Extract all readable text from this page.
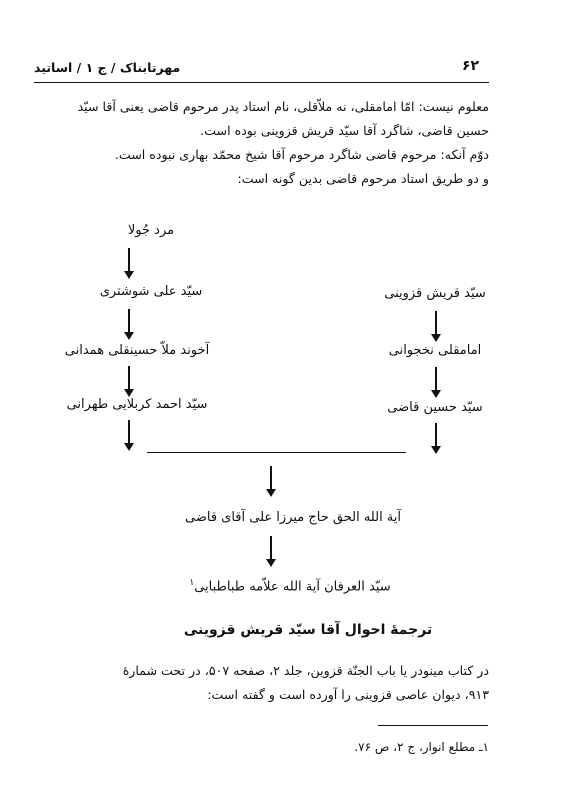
۶۲
مهرتابناک / ج ۱ / اساتید
معلوم نیست: امّا امامقلی، نه ملاّقلی، نام استاد پدر مرحوم قاضی یعنی آقا سیّد
حسین قاضی، شاگرد آقا سیّد قریش قزوینی بوده است.
دوّم آنکه: مرحوم قاضی شاگرد مرحوم آقا شیخ محمّد بهاری نبوده است.
و دو طریق استاد مرحوم قاضی بدین گونه است:
مرد جُولا
سیّد علی شوشتری
آخوند ملاّ حسینقلی همدانی
سیّد احمد کربلایی طهرانی
سیّد قریش قزوینی
امامقلی نخجوانی
سیّد حسین قاضی
آیة الله الحق حاج میرزا علی آقای قاضی
سیّد العرفان آیة الله علاّمه طباطبایی$^۱$
ترجمهٔ احوال آقا سیّد قریش قزوینی
در کتاب مینودر یا باب الجنّة قزوین، جلد ۲، صفحه ۵۰۷، در تحت شمارهٔ
۹۱۳، دیوان عاصی قزوینی را آورده است و گفته است:
۱ـ مطلع انوار، ج ۲، ص ۷۶.
